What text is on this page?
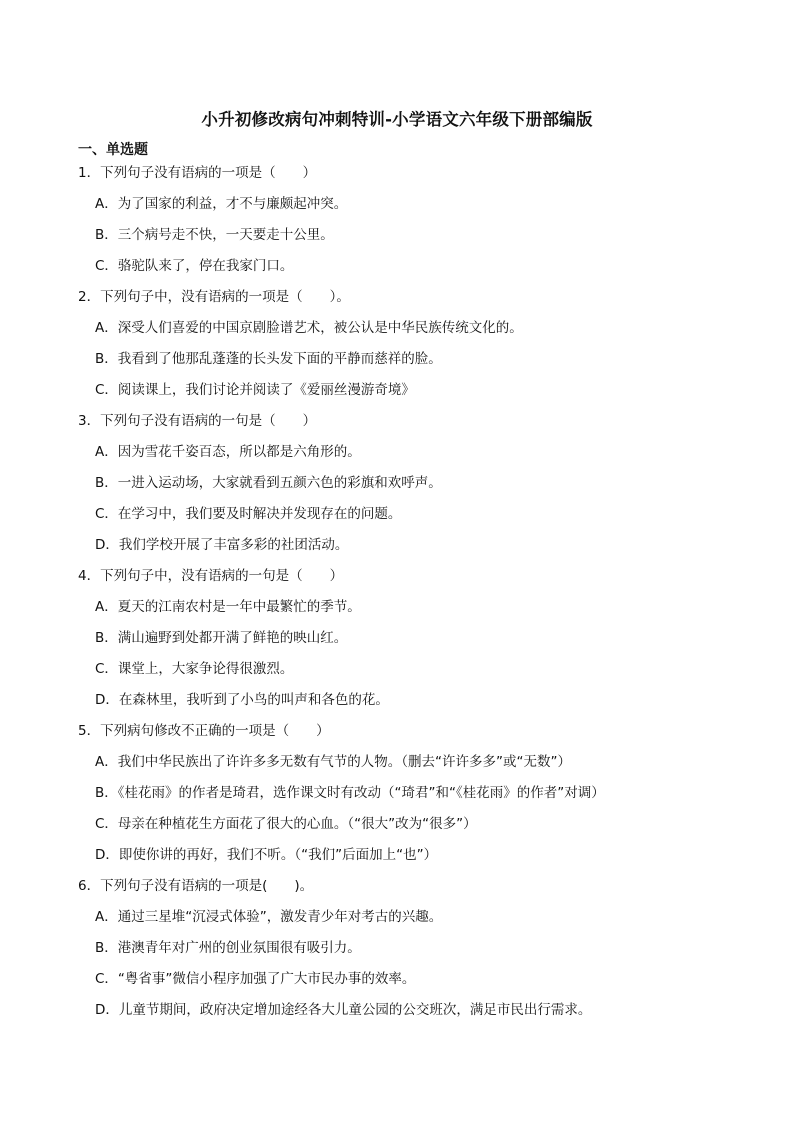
小升初修改病句冲刺特训-小学语文六年级下册部编版
一、单选题
1．下列句子没有语病的一项是（　　）
A．为了国家的利益，才不与廉颇起冲突。
B．三个病号走不快，一天要走十公里。
C．骆驼队来了，停在我家门口。
2．下列句子中，没有语病的一项是（　　）。
A．深受人们喜爱的中国京剧脸谱艺术，被公认是中华民族传统文化的。
B．我看到了他那乱蓬蓬的长头发下面的平静而慈祥的脸。
C．阅读课上，我们讨论并阅读了《爱丽丝漫游奇境》
3．下列句子没有语病的一句是（　　）
A．因为雪花千姿百态，所以都是六角形的。
B．一进入运动场，大家就看到五颜六色的彩旗和欢呼声。
C．在学习中，我们要及时解决并发现存在的问题。
D．我们学校开展了丰富多彩的社团活动。
4．下列句子中，没有语病的一句是（　　）
A．夏天的江南农村是一年中最繁忙的季节。
B．满山遍野到处都开满了鲜艳的映山红。
C．课堂上，大家争论得很激烈。
D．在森林里，我听到了小鸟的叫声和各色的花。
5．下列病句修改不正确的一项是（　　）
A．我们中华民族出了许许多多无数有气节的人物。（删去“许许多多”或“无数”）
B．《桂花雨》的作者是琦君，选作课文时有改动（“琦君”和“《桂花雨》的作者”对调）
C．母亲在种植花生方面花了很大的心血。（“很大”改为“很多”）
D．即使你讲的再好，我们不听。（“我们”后面加上“也”）
6．下列句子没有语病的一项是(　　)。
A．通过三星堆“沉浸式体验”，激发青少年对考古的兴趣。
B．港澳青年对广州的创业氛围很有吸引力。
C．“粤省事”微信小程序加强了广大市民办事的效率。
D．儿童节期间，政府决定增加途经各大儿童公园的公交班次，满足市民出行需求。
